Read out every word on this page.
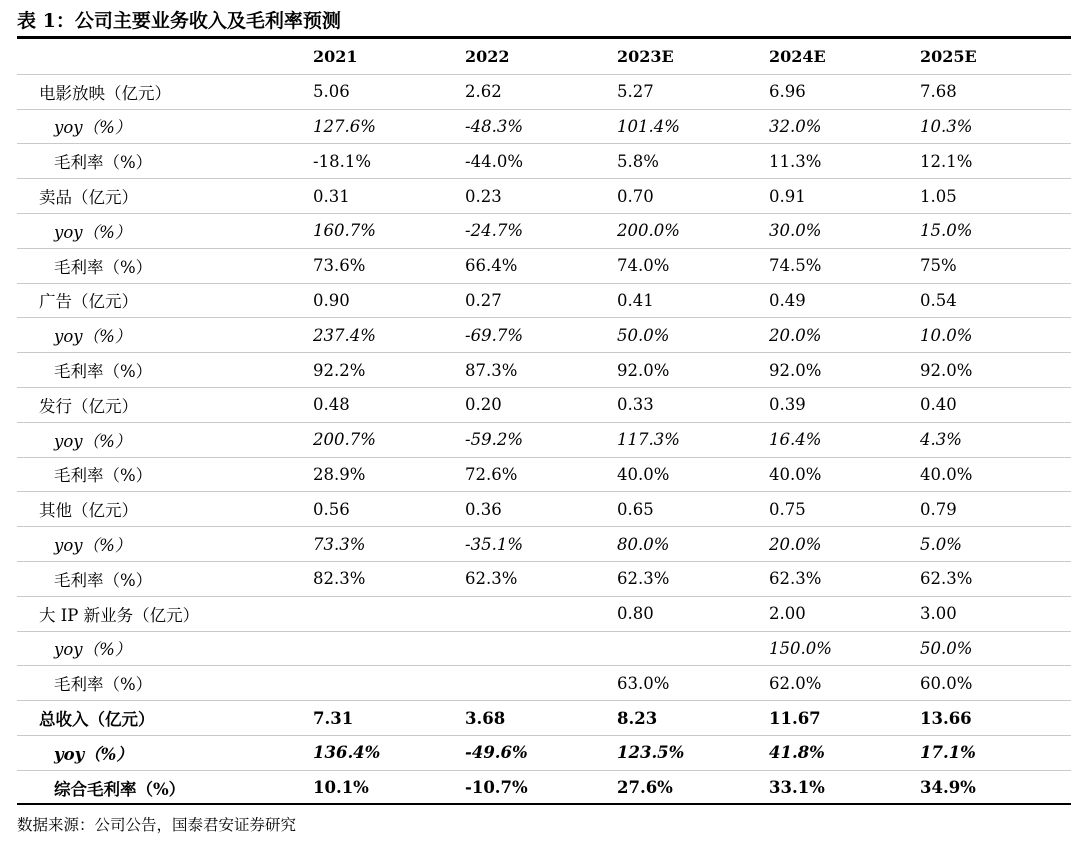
表 1：公司主要业务收入及毛利率预测
	2021	2022	2023E	2024E	2025E
电影放映（亿元）	5.06	2.62	5.27	6.96	7.68
yoy（%）	127.6%	-48.3%	101.4%	32.0%	10.3%
毛利率（%）	-18.1%	-44.0%	5.8%	11.3%	12.1%
卖品（亿元）	0.31	0.23	0.70	0.91	1.05
yoy（%）	160.7%	-24.7%	200.0%	30.0%	15.0%
毛利率（%）	73.6%	66.4%	74.0%	74.5%	75%
广告（亿元）	0.90	0.27	0.41	0.49	0.54
yoy（%）	237.4%	-69.7%	50.0%	20.0%	10.0%
毛利率（%）	92.2%	87.3%	92.0%	92.0%	92.0%
发行（亿元）	0.48	0.20	0.33	0.39	0.40
yoy（%）	200.7%	-59.2%	117.3%	16.4%	4.3%
毛利率（%）	28.9%	72.6%	40.0%	40.0%	40.0%
其他（亿元）	0.56	0.36	0.65	0.75	0.79
yoy（%）	73.3%	-35.1%	80.0%	20.0%	5.0%
毛利率（%）	82.3%	62.3%	62.3%	62.3%	62.3%
大 IP 新业务（亿元）			0.80	2.00	3.00
yoy（%）				150.0%	50.0%
毛利率（%）			63.0%	62.0%	60.0%
总收入（亿元）	7.31	3.68	8.23	11.67	13.66
yoy（%）	136.4%	-49.6%	123.5%	41.8%	17.1%
综合毛利率（%）	10.1%	-10.7%	27.6%	33.1%	34.9%
数据来源：公司公告，国泰君安证券研究
